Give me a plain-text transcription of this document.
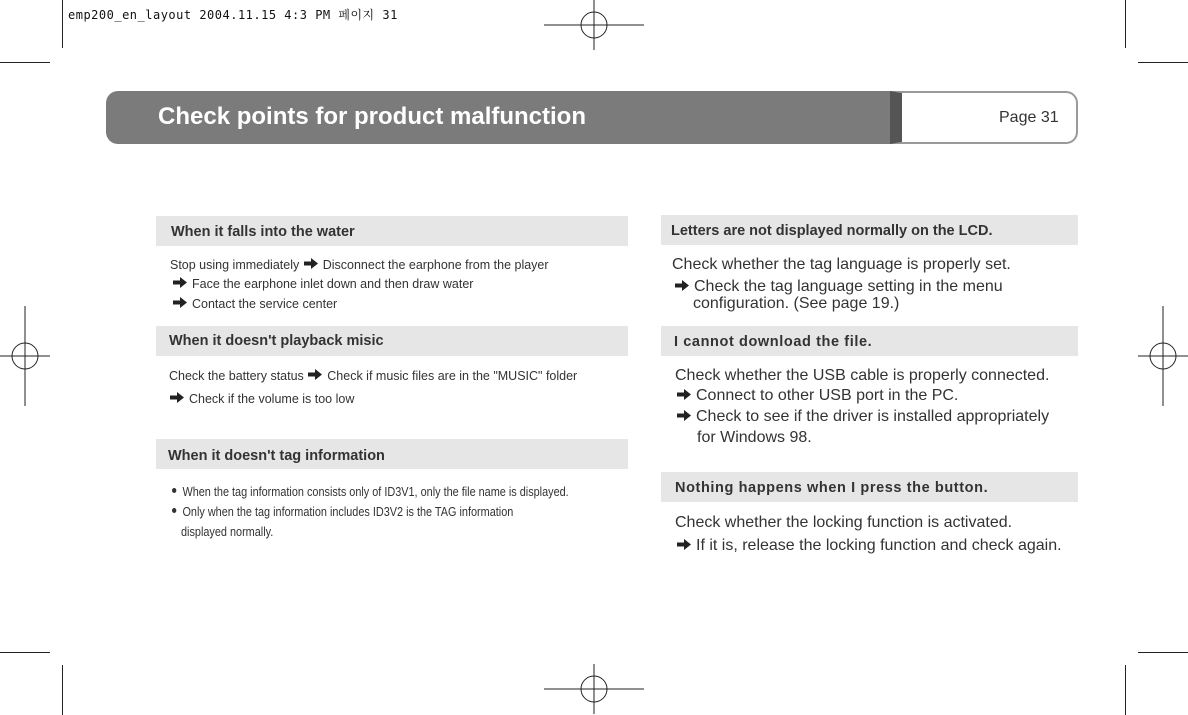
emp200_en_layout 2004.11.15 4:3 PM 페이지 31
Check points for product malfunction	Page 31
When it falls into the water
Stop using immediately Disconnect the earphone from the player
Face the earphone inlet down and then draw water
Contact the service center
When it doesn't playback misic
Check the battery status Check if music files are in the "MUSIC" folder
Check if the volume is too low
When it doesn't tag information
When the tag information consists only of ID3V1, only the file name is displayed.
Only when the tag information includes ID3V2 is the TAG information
displayed normally.
Letters are not displayed normally on the LCD.
Check whether the tag language is properly set.
Check the tag language setting in the menu
configuration. (See page 19.)
I cannot download the file.
Check whether the USB cable is properly connected.
Connect to other USB port in the PC.
Check to see if the driver is installed appropriately
for Windows 98.
Nothing happens when I press the button.
Check whether the locking function is activated.
If it is, release the locking function and check again.
